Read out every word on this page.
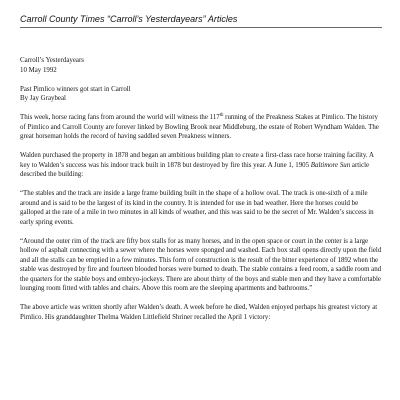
Carroll County Times “Carroll’s Yesterdayears” Articles
Carroll’s Yesterdayears
10 May 1992
Past Pimlico winners got start in Carroll
By Jay Graybeal

This week, horse racing fans from around the world will witness the 117th running of the Preakness Stakes at Pimlico. The history of Pimlico and Carroll County are forever linked by Bowling Brook near Middleburg, the estate of Robert Wyndham Walden. The great horseman holds the record of having saddled seven Preakness winners.

Walden purchased the property in 1878 and began an ambitious building plan to create a first-class race horse training facility. A key to Walden’s success was his indoor track built in 1878 but destroyed by fire this year. A June 1, 1905 Baltimore Sun article described the building:

“The stables and the track are inside a large frame building built in the shape of a hollow oval. The track is one-sixth of a mile around and is said to be the largest of its kind in the country. It is intended for use in bad weather. Here the horses could be galloped at the rate of a mile in two minutes in all kinds of weather, and this was said to be the secret of Mr. Walden’s success in early spring events.

“Around the outer rim of the track are fifty box stalls for as many horses, and in the open space or court in the center is a large hollow of asphalt connecting with a sewer where the horses were sponged and washed. Each box stall opens directly upon the field and all the stalls can be emptied in a few minutes. This form of construction is the result of the bitter experience of 1892 when the stable was destroyed by fire and fourteen blooded horses were burned to death. The stable contains a feed room, a saddle room and the quarters for the stable boys and embryo-jockeys. There are about thirty of the boys and stable men and they have a comfortable lounging room fitted with tables and chairs. Above this room are the sleeping apartments and bathrooms.”

The above article was written shortly after Walden’s death. A week before he died, Walden enjoyed perhaps his greatest victory at Pimlico. His granddaughter Thelma Walden Littlefield Shriner recalled the April 1 victory:
